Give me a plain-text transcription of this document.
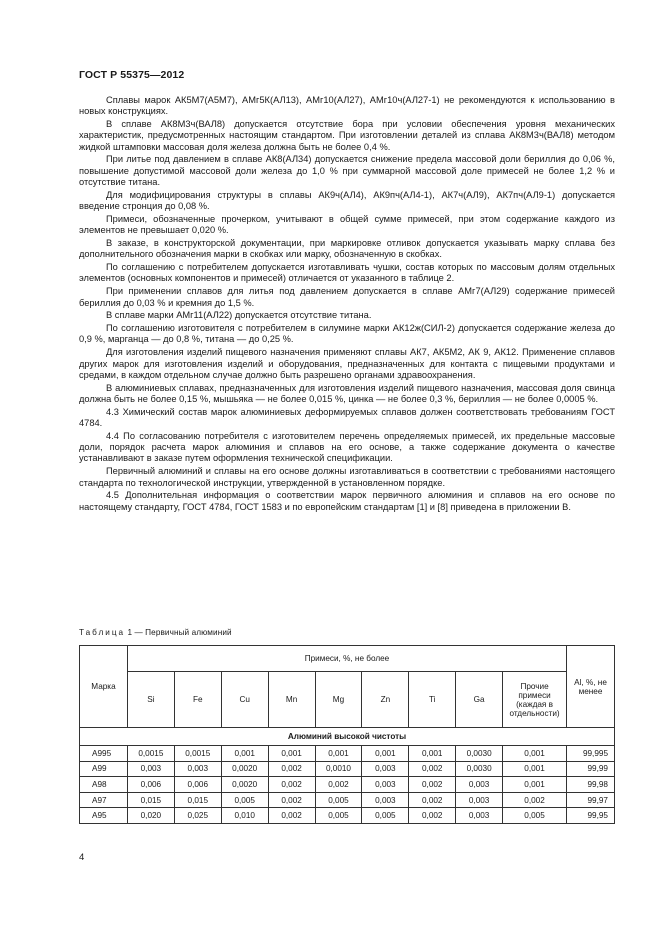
ГОСТ Р 55375—2012

Сплавы марок АК5М7(А5М7), АМг5К(АЛ13), АМг10(АЛ27), АМг10ч(АЛ27-1) не рекомендуются к использованию в новых конструкциях.

В сплаве АК8М3ч(ВАЛ8) допускается отсутствие бора при условии обеспечения уровня механических характеристик, предусмотренных настоящим стандартом. При изготовлении деталей из сплава АК8М3ч(ВАЛ8) методом жидкой штамповки массовая доля железа должна быть не более 0,4 %.

При литье под давлением в сплаве АК8(АЛ34) допускается снижение предела массовой доли бериллия до 0,06 %, повышение допустимой массовой доли железа до 1,0 % при суммарной массовой доле примесей не более 1,2 % и отсутствие титана.

Для модифицирования структуры в сплавы АК9ч(АЛ4), АК9пч(АЛ4-1), АК7ч(АЛ9), АК7пч(АЛ9-1) допускается введение стронция до 0,08 %.

Примеси, обозначенные прочерком, учитывают в общей сумме примесей, при этом содержание каждого из элементов не превышает 0,020 %.

В заказе, в конструкторской документации, при маркировке отливок допускается указывать марку сплава без дополнительного обозначения марки в скобках или марку, обозначенную в скобках.

По соглашению с потребителем допускается изготавливать чушки, состав которых по массовым долям отдельных элементов (основных компонентов и примесей) отличается от указанного в таблице 2.

При применении сплавов для литья под давлением допускается в сплаве АМг7(АЛ29) содержание примесей бериллия до 0,03 % и кремния до 1,5 %.

В сплаве марки АМг11(АЛ22) допускается отсутствие титана.

По соглашению изготовителя с потребителем в силумине марки АК12ж(СИЛ-2) допускается содержание железа до 0,9 %, марганца — до 0,8 %, титана — до 0,25 %.

Для изготовления изделий пищевого назначения применяют сплавы АК7, АК5М2, АК 9, АК12. Применение сплавов других марок для изготовления изделий и оборудования, предназначенных для контакта с пищевыми продуктами и средами, в каждом отдельном случае должно быть разрешено органами здравоохранения.

В алюминиевых сплавах, предназначенных для изготовления изделий пищевого назначения, массовая доля свинца должна быть не более 0,15 %, мышьяка — не более 0,015 %, цинка — не более 0,3 %, бериллия — не более 0,0005 %.

4.3 Химический состав марок алюминиевых деформируемых сплавов должен соответствовать требованиям ГОСТ 4784.

4.4 По согласованию потребителя с изготовителем перечень определяемых примесей, их предельные массовые доли, порядок расчета марок алюминия и сплавов на его основе, а также содержание документа о качестве устанавливают в заказе путем оформления технической спецификации.

Первичный алюминий и сплавы на его основе должны изготавливаться в соответствии с требованиями настоящего стандарта по технологической инструкции, утвержденной в установленном порядке.

4.5 Дополнительная информация о соответствии марок первичного алюминия и сплавов на его основе по настоящему стандарту, ГОСТ 4784, ГОСТ 1583 и по европейским стандартам [1] и [8] приведена в приложении В.

Таблица 1 — Первичный алюминий
Марка	Примеси, %, не более									Al, %, не менее
	Si	Fe	Cu	Mn	Mg	Zn	Ti	Ga	Прочие примеси (каждая в отдельности)	
Алюминий высокой чистоты										
А995	0,0015	0,0015	0,001	0,001	0,001	0,001	0,001	0,0030	0,001	99,995
А99	0,003	0,003	0,0020	0,002	0,0010	0,003	0,002	0,0030	0,001	99,99
А98	0,006	0,006	0,0020	0,002	0,002	0,003	0,002	0,003	0,001	99,98
А97	0,015	0,015	0,005	0,002	0,005	0,003	0,002	0,003	0,002	99,97
А95	0,020	0,025	0,010	0,002	0,005	0,005	0,002	0,003	0,005	99,95
4
